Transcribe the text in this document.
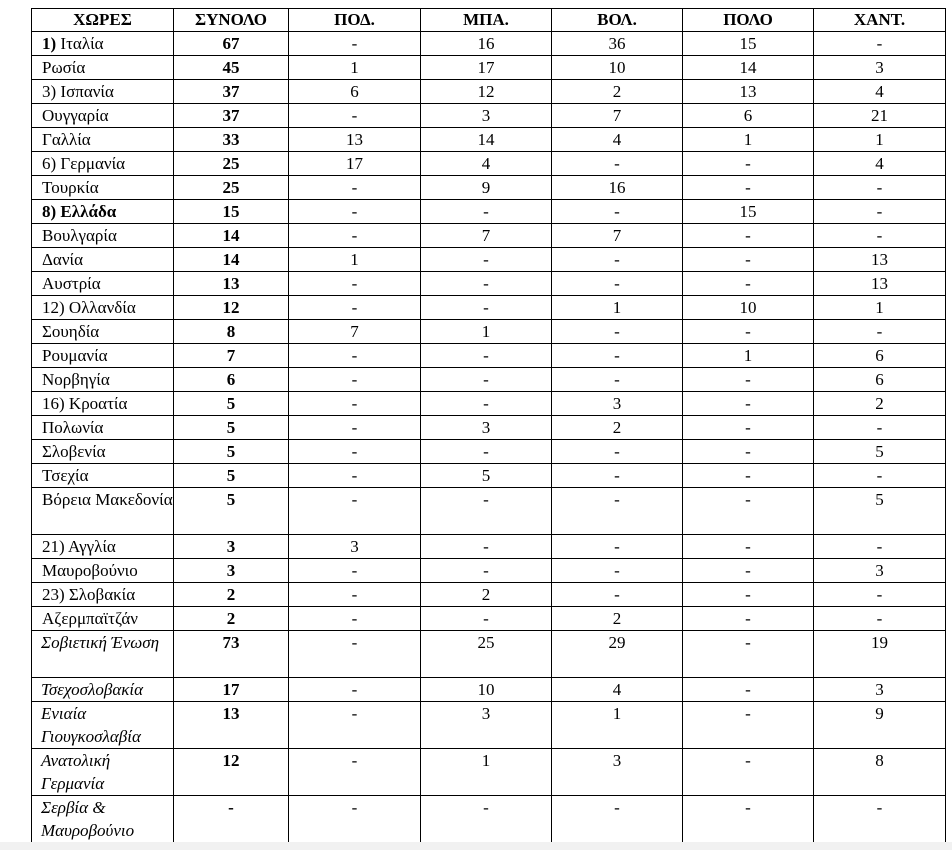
ΧΩΡΕΣ	ΣΥΝΟΛΟ	ΠΟΔ.	ΜΠΑ.	ΒΟΛ.	ΠΟΛΟ	ΧΑΝΤ.
1) Ιταλία	67	-	16	36	15	-
Ρωσία	45	1	17	10	14	3
3) Ισπανία	37	6	12	2	13	4
Ουγγαρία	37	-	3	7	6	21
Γαλλία	33	13	14	4	1	1
6) Γερμανία	25	17	4	-	-	4
Τουρκία	25	-	9	16	-	-
8) Ελλάδα	15	-	-	-	15	-
Βουλγαρία	14	-	7	7	-	-
Δανία	14	1	-	-	-	13
Αυστρία	13	-	-	-	-	13
12) Ολλανδία	12	-	-	1	10	1
Σουηδία	8	7	1	-	-	-
Ρουμανία	7	-	-	-	1	6
Νορβηγία	6	-	-	-	-	6
16) Κροατία	5	-	-	3	-	2
Πολωνία	5	-	3	2	-	-
Σλοβενία	5	-	-	-	-	5
Τσεχία	5	-	5	-	-	-
Βόρεια Μακεδονία	5	-	-	-	-	5
21) Αγγλία	3	3	-	-	-	-
Μαυροβούνιο	3	-	-	-	-	3
23) Σλοβακία	2	-	2	-	-	-
Αζερμπαϊτζάν	2	-	-	2	-	-
Σοβιετική Ένωση	73	-	25	29	-	19
Τσεχοσλοβακία	17	-	10	4	-	3
Ενιαία Γιουγκοσλαβία	13	-	3	1	-	9
Ανατολική Γερμανία	12	-	1	3	-	8
Σερβία & Μαυροβούνιο	-	-	-	-	-	-
